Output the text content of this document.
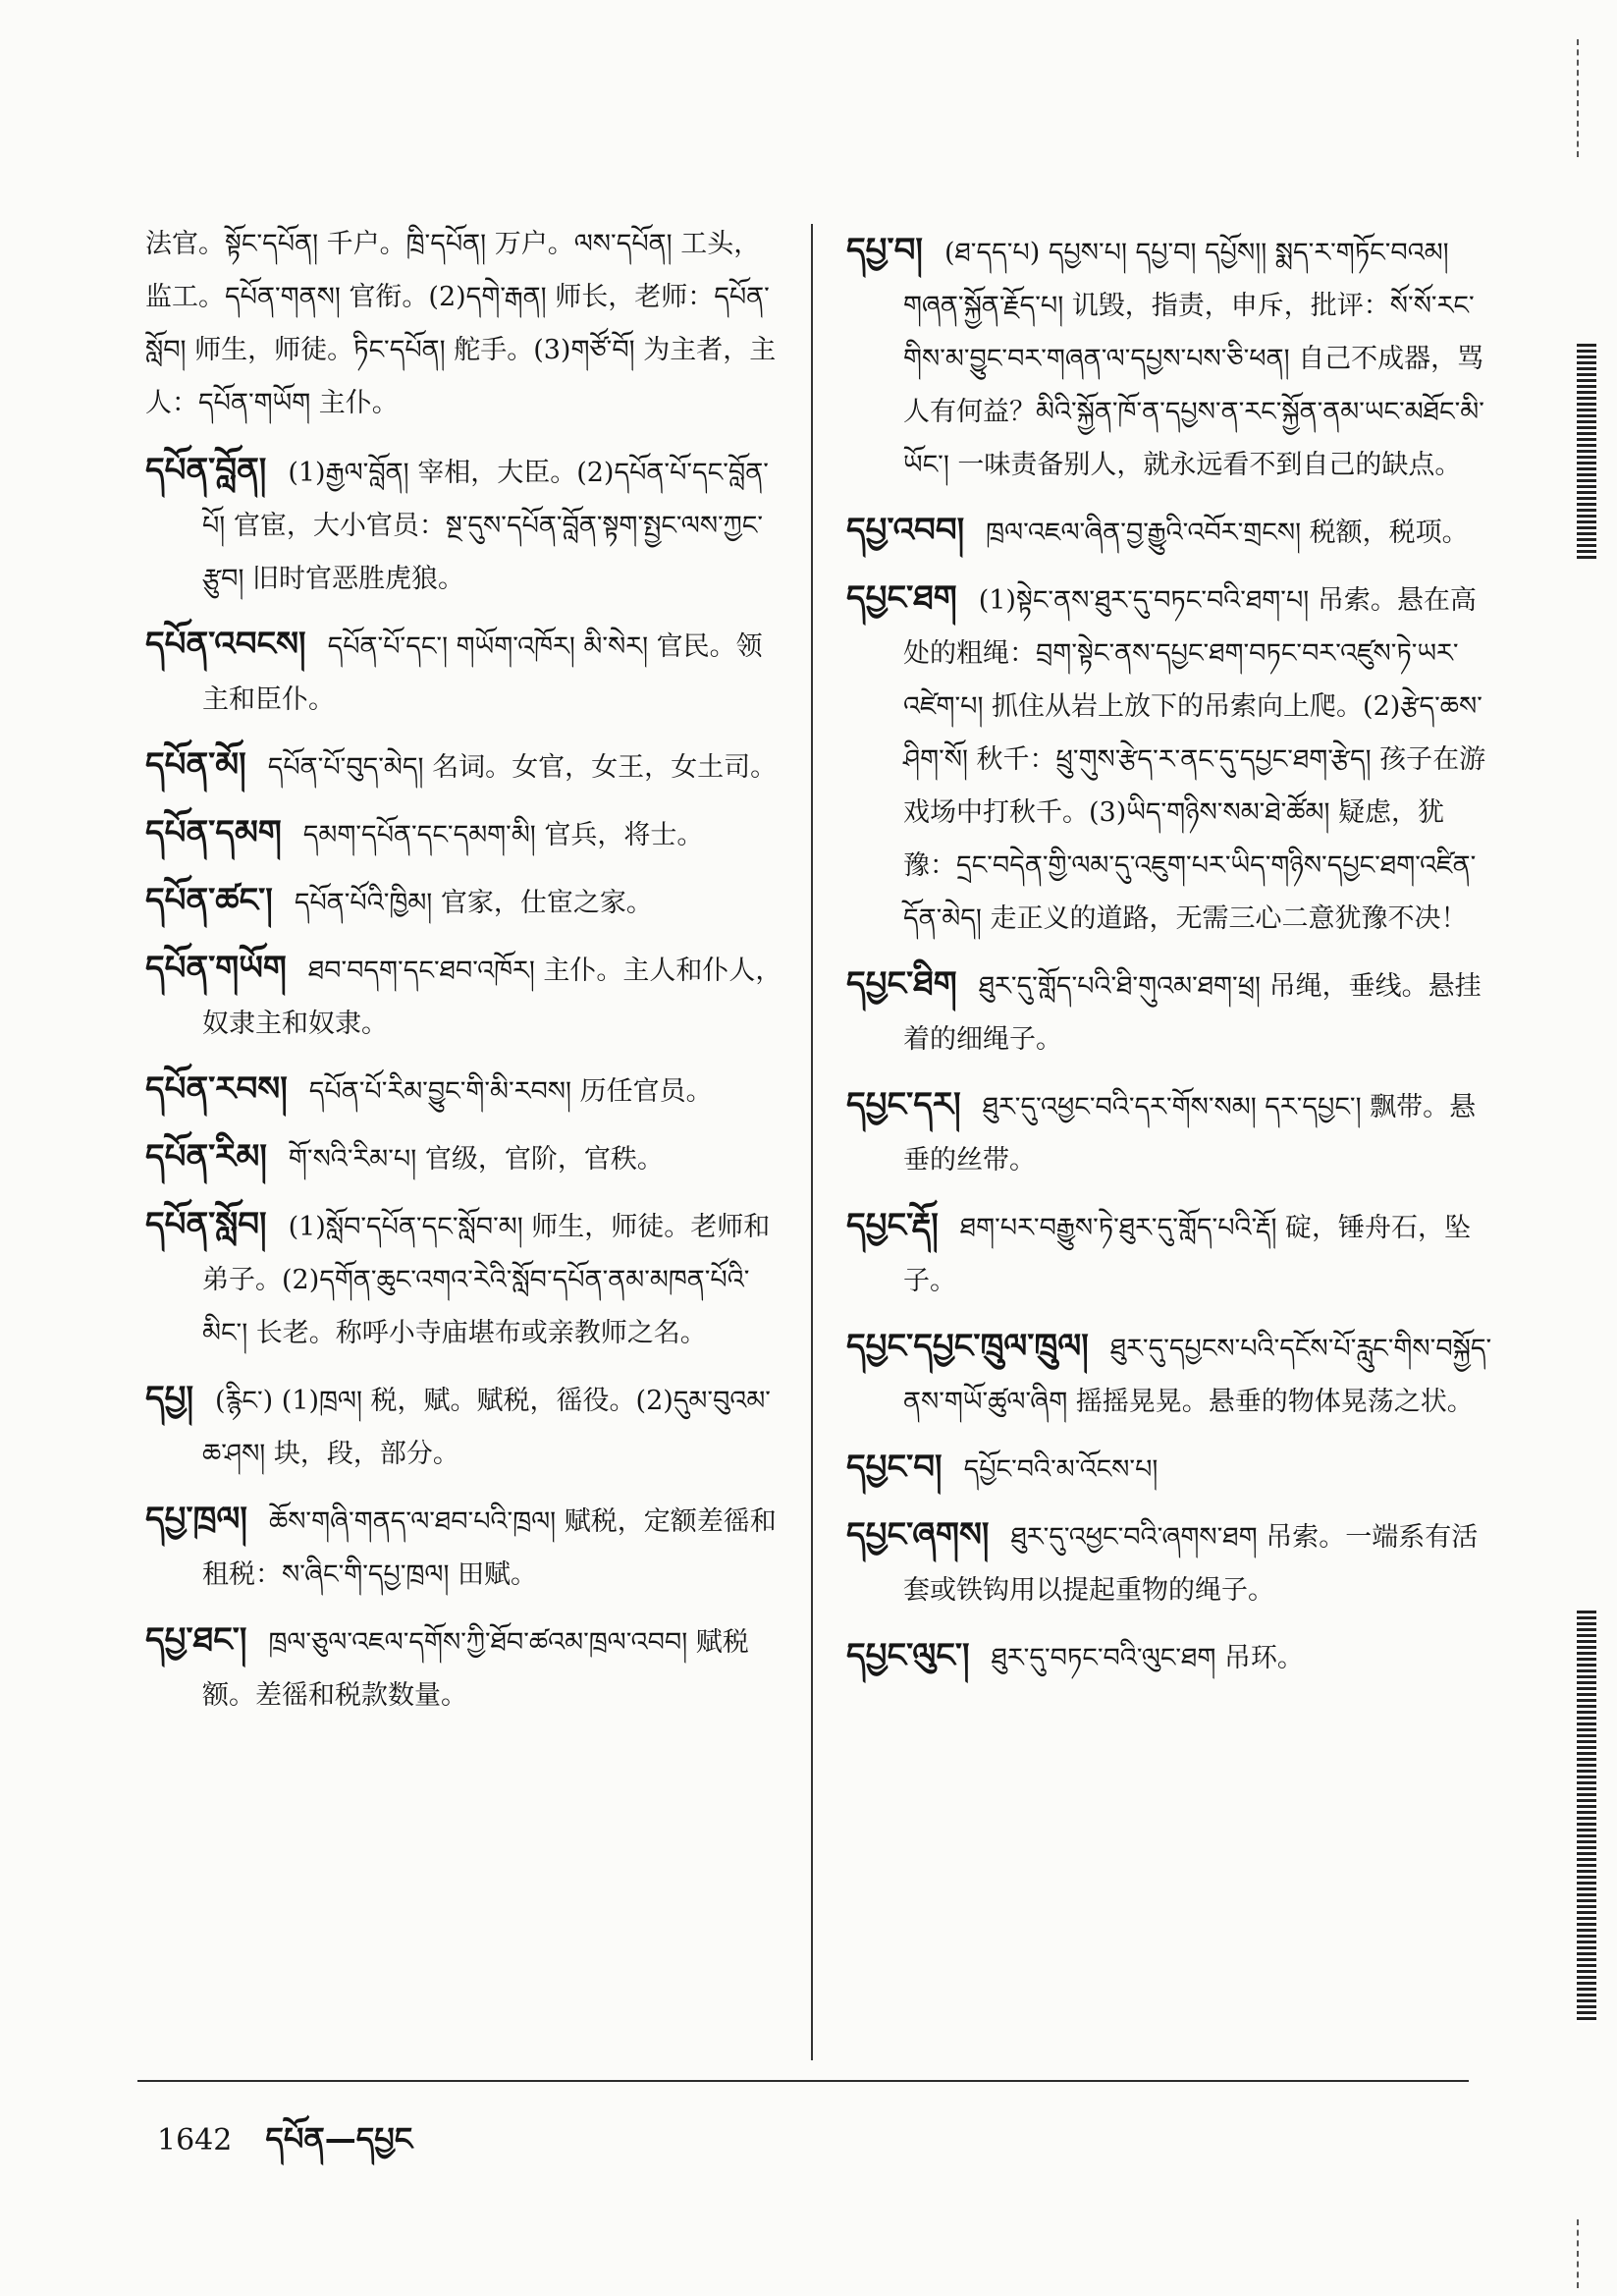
法官。སྟོང་དཔོན། 千户。ཁྲི་དཔོན། 万户。ལས་དཔོན། 工头，监工。དཔོན་གནས། 官衔。(2)དགེ་རྒན། 师长，老师：དཔོན་སློབ། 师生，师徒。ཏིང་དཔོན། 舵手。(3)གཙོ་བོ། 为主者，主人：དཔོན་གཡོག 主仆。

དཔོན་བློན། (1)རྒྱལ་བློན། 宰相，大臣。(2)དཔོན་པོ་དང་བློན་པོ། 官宦，大小官员：སྔ་དུས་དཔོན་བློན་སྟག་སྤྱང་ལས་ཀྱང་རྩུབ། 旧时官恶胜虎狼。

དཔོན་འབངས། དཔོན་པོ་དང་། གཡོག་འཁོར། མི་སེར། 官民。领主和臣仆。

དཔོན་མོ། དཔོན་པོ་བུད་མེད། 名词。女官，女王，女土司。

དཔོན་དམག དམག་དཔོན་དང་དམག་མི། 官兵，将士。

དཔོན་ཚང་། དཔོན་པོའི་ཁྱིམ། 官家，仕宦之家。

དཔོན་གཡོག ཐབ་བདག་དང་ཐབ་འཁོར། 主仆。主人和仆人，奴隶主和奴隶。

དཔོན་རབས། དཔོན་པོ་རིམ་བྱུང་གི་མི་རབས། 历任官员。

དཔོན་རིམ། གོ་སའི་རིམ་པ། 官级，官阶，官秩。

དཔོན་སློབ། (1)སློབ་དཔོན་དང་སློབ་མ། 师生，师徒。老师和弟子。(2)དགོན་ཆུང་འགའ་རེའི་སློབ་དཔོན་ནམ་མཁན་པོའི་མིང་། 长老。称呼小寺庙堪布或亲教师之名。

དཔྱ། (རྙིང་) (1)ཁྲལ། 税，赋。赋税，徭役。(2)དུམ་བུའམ་ཆ་ཤས། 块，段，部分。

དཔྱ་ཁྲལ། ཆོས་གཞི་གནད་ལ་ཐབ་པའི་ཁྲལ། 赋税，定额差徭和租税：ས་ཞིང་གི་དཔྱ་ཁྲལ། 田赋。

དཔྱ་ཐང་། ཁྲལ་ཅུལ་འཇལ་དགོས་ཀྱི་ཐོབ་ཚའམ་ཁྲལ་འབབ། 赋税额。差徭和税款数量。

དཔྱ་བ། (ཐ་དད་པ) དཔྱས་པ། དཔྱ་བ། དཔྱོས།། སྨད་ར་གཏོང་བའམ། གཞན་སྐྱོན་རྗོད་པ། 讥毁，指责，申斥，批评：སོ་སོ་རང་གིས་མ་བྱུང་བར་གཞན་ལ་དཔྱས་པས་ཅི་ཕན། 自己不成器，骂人有何益？མིའི་སྐྱོན་ཁོ་ན་དཔྱས་ན་རང་སྐྱོན་ནམ་ཡང་མཐོང་མི་ཡོང་། 一味责备别人，就永远看不到自己的缺点。

དཔྱ་འབབ། ཁྲལ་འཇལ་ཞིན་བྱ་རྒྱུའི་འབོར་གྲངས། 税额，税项。

དཔྱང་ཐག (1)སྟེང་ནས་ཐུར་དུ་བཏང་བའི་ཐག་པ། 吊索。悬在高处的粗绳：བྲག་སྟེང་ནས་དཔྱང་ཐག་བཏང་བར་འཛུས་ཏེ་ཡར་འཛེག་པ། 抓住从岩上放下的吊索向上爬。(2)རྩེད་ཆས་ཤིག་སོ། 秋千：ཕྲུ་གུས་རྩེད་ར་ནང་དུ་དཔྱང་ཐག་རྩེད། 孩子在游戏场中打秋千。(3)ཡིད་གཉིས་སམ་ཐེ་ཚོམ། 疑虑，犹豫：དྲང་བདེན་གྱི་ལམ་དུ་འཇུག་པར་ཡིད་གཉིས་དཔྱང་ཐག་འཛིན་དོན་མེད། 走正义的道路，无需三心二意犹豫不决！

དཔྱང་ཐིག ཐུར་དུ་གློད་པའི་ཐི་གུའམ་ཐག་ཕྲ། 吊绳，垂线。悬挂着的细绳子。

དཔྱང་དར། ཐུར་དུ་འཕྱང་བའི་དར་གོས་སམ། དར་དཔྱང་། 飘带。悬垂的丝带。

དཔྱང་རྡོ། ཐག་པར་བརྒྱུས་ཏེ་ཐུར་དུ་གློད་པའི་རྡོ། 碇，锤舟石，坠子。

དཔྱང་དཔྱང་ཁྲུལ་ཁྲུལ། ཐུར་དུ་དཔྱངས་པའི་དངོས་པོ་རླུང་གིས་བསྐྱོད་ནས་གཡོ་ཚུལ་ཞིག 摇摇晃晃。悬垂的物体晃荡之状。

དཔྱང་བ། དཔྱོང་བའི་མ་འོངས་པ།

དཔྱང་ཞགས། ཐུར་དུ་འཕྱང་བའི་ཞགས་ཐག 吊索。一端系有活套或铁钩用以提起重物的绳子。

དཔྱང་ལུང་། ཐུར་དུ་བཏང་བའི་ལུང་ཐག 吊环。

1642 དཔོན—དཔྱང
